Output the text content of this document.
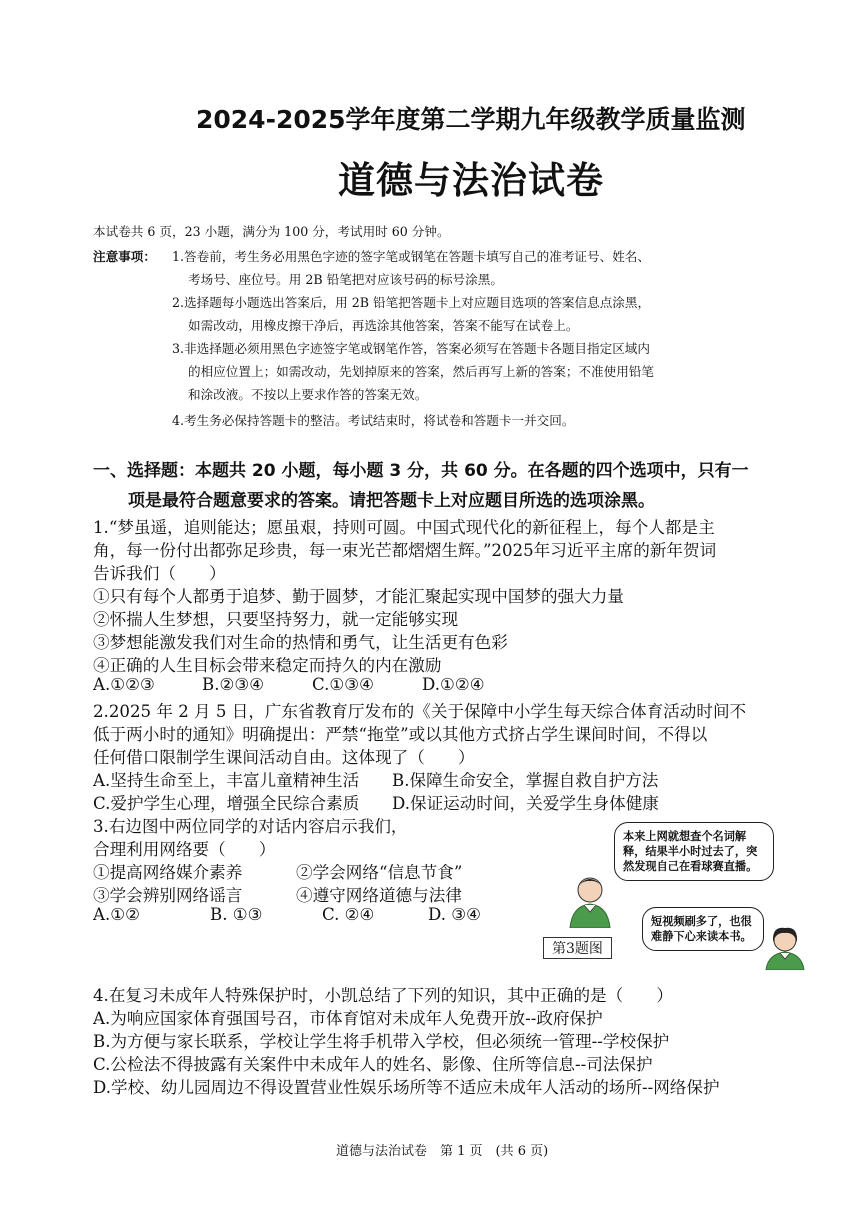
2024-2025学年度第二学期九年级教学质量监测
道德与法治试卷
本试卷共 6 页，23 小题，满分为 100 分，考试用时 60 分钟。
注意事项： 1.答卷前，考生务必用黑色字迹的签字笔或钢笔在答题卡填写自己的准考证号、姓名、
考场号、座位号。用 2B 铅笔把对应该号码的标号涂黑。
2.选择题每小题选出答案后，用 2B 铅笔把答题卡上对应题目选项的答案信息点涂黑，
如需改动，用橡皮擦干净后，再选涂其他答案，答案不能写在试卷上。
3.非选择题必须用黑色字迹签字笔或钢笔作答，答案必须写在答题卡各题目指定区域内
的相应位置上；如需改动，先划掉原来的答案，然后再写上新的答案；不准使用铅笔
和涂改液。不按以上要求作答的答案无效。
4.考生务必保持答题卡的整洁。考试结束时，将试卷和答题卡一并交回。
一、选择题：本题共 20 小题，每小题 3 分，共 60 分。在各题的四个选项中，只有一
项是最符合题意要求的答案。请把答题卡上对应题目所选的选项涂黑。
1.“梦虽遥，追则能达；愿虽艰，持则可圆。中国式现代化的新征程上，每个人都是主
角，每一份付出都弥足珍贵，每一束光芒都熠熠生辉。”2025年习近平主席的新年贺词
告诉我们（　　）
①只有每个人都勇于追梦、勤于圆梦，才能汇聚起实现中国梦的强大力量
②怀揣人生梦想，只要坚持努力，就一定能够实现
③梦想能激发我们对生命的热情和勇气，让生活更有色彩
④正确的人生目标会带来稳定而持久的内在激励
A.①②③	B.②③④	C.①③④	D.①②④
2.2025 年 2 月 5 日，广东省教育厅发布的《关于保障中小学生每天综合体育活动时间不
低于两小时的通知》明确提出：严禁“拖堂”或以其他方式挤占学生课间时间，不得以
任何借口限制学生课间活动自由。这体现了（　　）
A.坚持生命至上，丰富儿童精神生活 B.保障生命安全，掌握自救自护方法
C.爱护学生心理，增强全民综合素质 D.保证运动时间，关爱学生身体健康
3.右边图中两位同学的对话内容启示我们，
合理利用网络要（　　）
①提高网络媒介素养	②学会网络“信息节食”
③学会辨别网络谣言	④遵守网络道德与法律
A.①②	B. ①③	C. ②④	D. ③④
本来上网就想查个名词解释，结果半小时过去了，突然发现自己在看球赛直播。
短视频刷多了，也很难静下心来读本书。
第3题图
4.在复习未成年人特殊保护时，小凯总结了下列的知识，其中正确的是（　　）
A.为响应国家体育强国号召，市体育馆对未成年人免费开放--政府保护
B.为方便与家长联系，学校让学生将手机带入学校，但必须统一管理--学校保护
C.公检法不得披露有关案件中未成年人的姓名、影像、住所等信息--司法保护
D.学校、幼儿园周边不得设置营业性娱乐场所等不适应未成年人活动的场所--网络保护
道德与法治试卷　第 1 页　(共 6 页)
